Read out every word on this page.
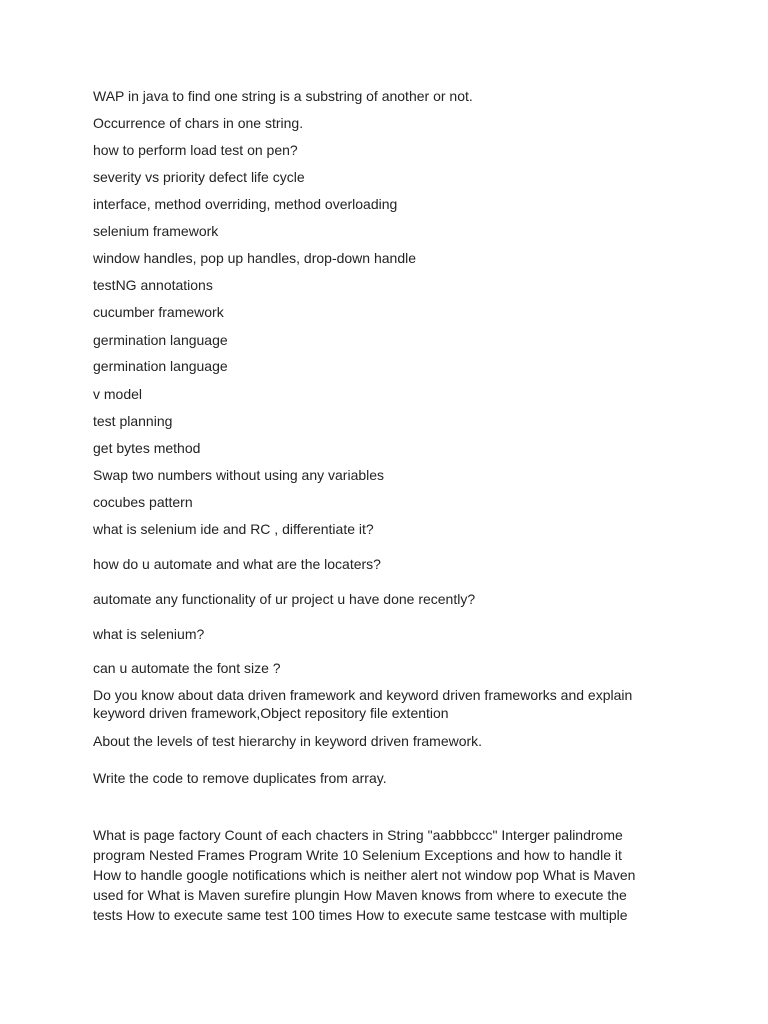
WAP in java to find one string is a substring of another or not.
Occurrence of chars in one string.
how to perform load test on pen?
severity vs priority defect life cycle
interface, method overriding, method overloading
selenium framework
window handles, pop up handles, drop-down handle
testNG annotations
cucumber framework
germination language
germination language
v model
test planning
get bytes method
Swap two numbers without using any variables
cocubes pattern
what is selenium ide and RC , differentiate it?
how do u automate and what are the locaters?
automate any functionality of ur project u have done recently?
what is selenium?
can u automate the font size ?
Do you know about data driven framework and keyword driven frameworks and explain
keyword driven framework,Object repository file extention
About the levels of test hierarchy in keyword driven framework.
Write the code to remove duplicates from array.
What is page factory Count of each chacters in String "aabbbccc" Interger palindrome
program Nested Frames Program Write 10 Selenium Exceptions and how to handle it
How to handle google notifications which is neither alert not window pop What is Maven
used for What is Maven surefire plungin How Maven knows from where to execute the
tests How to execute same test 100 times How to execute same testcase with multiple
